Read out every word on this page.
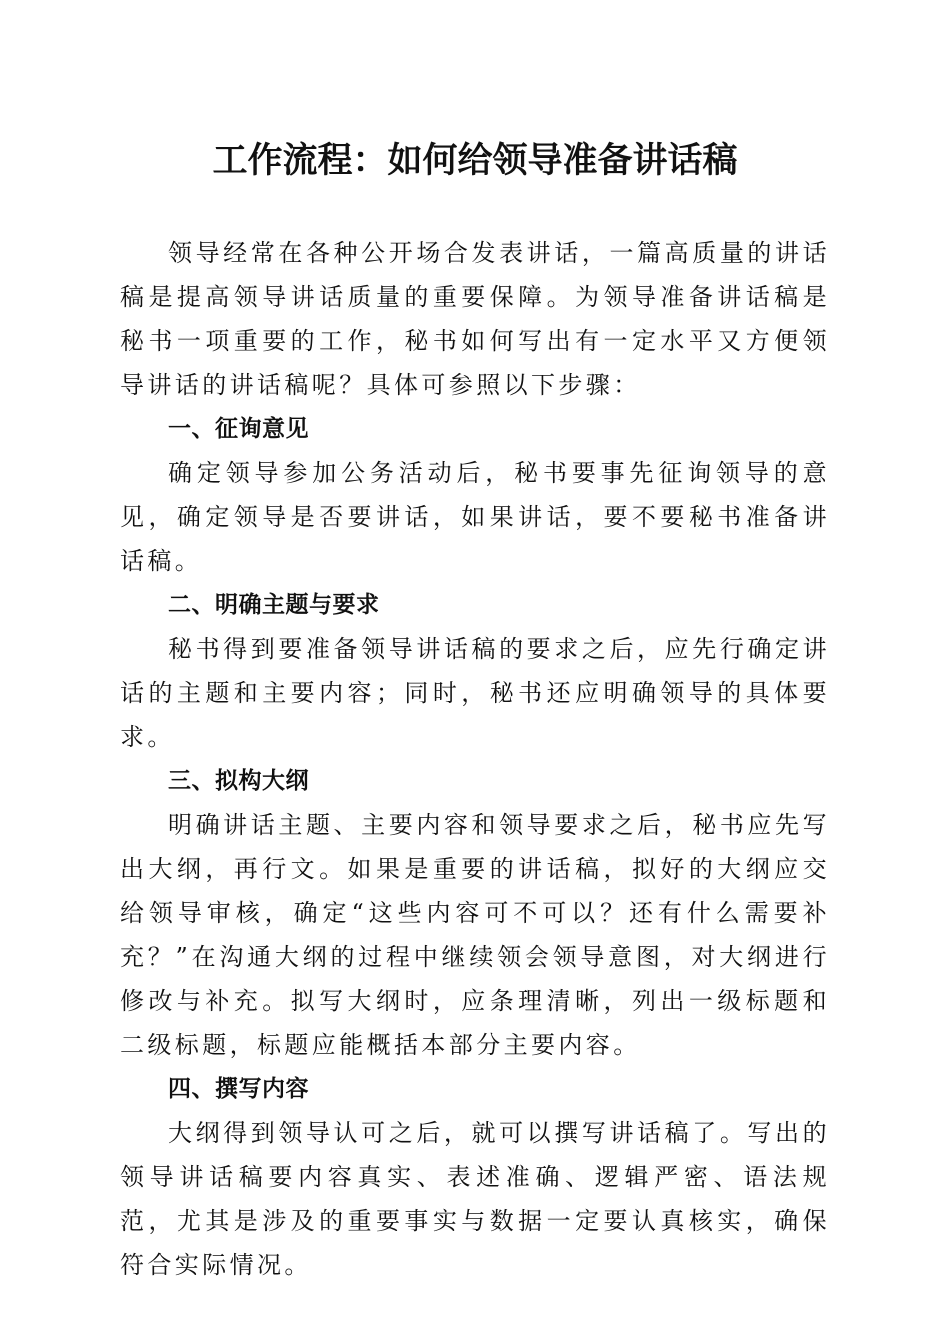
工作流程：如何给领导准备讲话稿

领导经常在各种公开场合发表讲话，一篇高质量的讲话稿是提高领导讲话质量的重要保障。为领导准备讲话稿是秘书一项重要的工作，秘书如何写出有一定水平又方便领导讲话的讲话稿呢？具体可参照以下步骤：

一、征询意见

确定领导参加公务活动后，秘书要事先征询领导的意见，确定领导是否要讲话，如果讲话，要不要秘书准备讲话稿。

二、明确主题与要求

秘书得到要准备领导讲话稿的要求之后，应先行确定讲话的主题和主要内容；同时，秘书还应明确领导的具体要求。

三、拟构大纲

明确讲话主题、主要内容和领导要求之后，秘书应先写出大纲，再行文。如果是重要的讲话稿，拟好的大纲应交给领导审核，确定“这些内容可不可以？还有什么需要补充？”在沟通大纲的过程中继续领会领导意图，对大纲进行修改与补充。拟写大纲时，应条理清晰，列出一级标题和二级标题，标题应能概括本部分主要内容。

四、撰写内容

大纲得到领导认可之后，就可以撰写讲话稿了。写出的领导讲话稿要内容真实、表述准确、逻辑严密、语法规范，尤其是涉及的重要事实与数据一定要认真核实，确保符合实际情况。
